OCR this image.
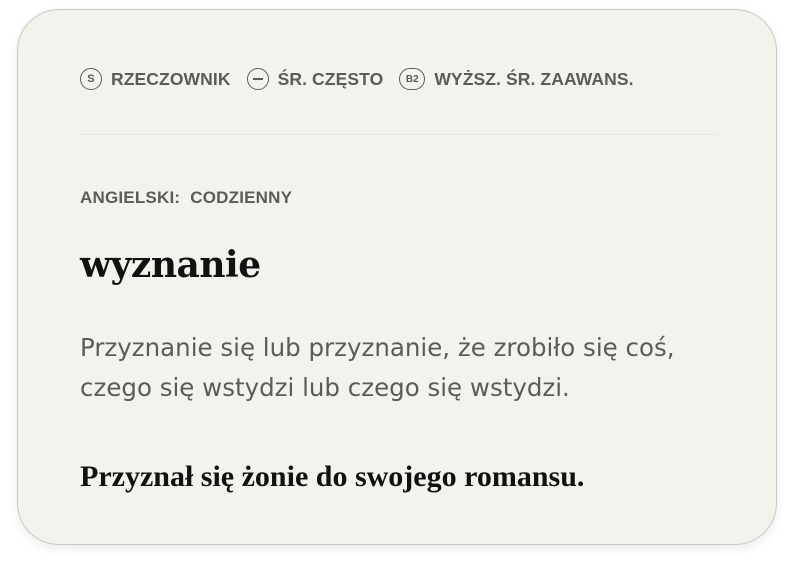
S RZECZOWNIK	ŚR. CZĘSTO	B2 WYŻSZ. ŚR. ZAAWANS.
ANGIELSKI: CODZIENNY
wyznanie
Przyznanie się lub przyznanie, że zrobiło się coś, czego się wstydzi lub czego się wstydzi.
Przyznał się żonie do swojego romansu.
